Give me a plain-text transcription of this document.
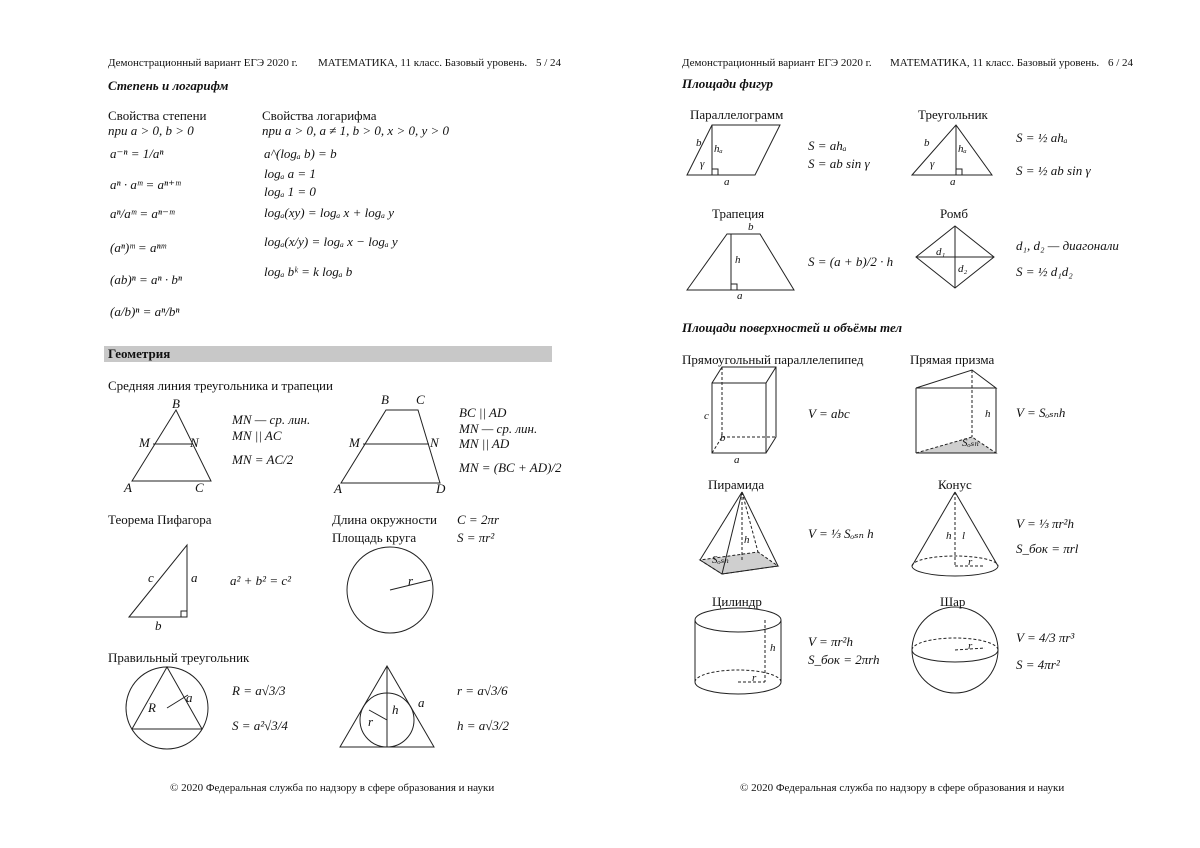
Демонстрационный вариант ЕГЭ 2020 г. МАТЕМАТИКА, 11 класс. Базовый уровень. 5 / 24
Степень и логарифм
Свойства степени
при a > 0, b > 0
a⁻ⁿ = 1/aⁿ
aⁿ · aᵐ = aⁿ⁺ᵐ
aⁿ/aᵐ = aⁿ⁻ᵐ
(aⁿ)ᵐ = aⁿᵐ
(ab)ⁿ = aⁿ · bⁿ
(a/b)ⁿ = aⁿ/bⁿ
Свойства логарифма
при a > 0, a ≠ 1, b > 0, x > 0, y > 0
a^(logₐ b) = b
logₐ a = 1
logₐ 1 = 0
logₐ(xy) = logₐ x + logₐ y
logₐ(x/y) = logₐ x − logₐ y
logₐ bᵏ = k logₐ b
Геометрия
Средняя линия треугольника и трапеции
B
M	N
A	C
MN — ср. лин.
MN || AC
MN = AC/2
B C
M	N
A	D
BC || AD
MN — ср. лин.
MN || AD
MN = (BC + AD)/2
Теорема Пифагора
a
b
c	a² + b² = c²
Длина окружности C = 2πr
Площадь круга	S = πr²
r
Правильный треугольник
R
a	R = a√3/3
S = a²√3/4	r
h a
r = a√3/6
h = a√3/2
© 2020 Федеральная служба по надзору в сфере образования и науки
Демонстрационный вариант ЕГЭ 2020 г. МАТЕМАТИКА, 11 класс. Базовый уровень. 6 / 24
Площади фигур
Параллелограмм
b hₐ
γ
a
S = ahₐ
S = ab sin γ
Треугольник
b	hₐ
γ
a
S = ½ ahₐ
S = ½ ab sin γ
Трапеция
b
h
a
S = (a + b)/2 · h
Ромб
d₁
d₂
d₁, d₂ — диагонали
S = ½ d₁d₂
Площади поверхностей и объёмы тел
Прямоугольный параллелепипед
c
b
a
V = abc
Прямая призма
h
Sₒₛₙ
V = Sₒₛₙh
Пирамида
h
Sₒₛₙ
V = ⅓ Sₒₛₙ h
Конус
h l
r
V = ⅓ πr²h
S_бок = πrl
Цилиндр
h
r
V = πr²h
S_бок = 2πrh
Шар
r
V = 4/3 πr³
S = 4πr²
© 2020 Федеральная служба по надзору в сфере образования и науки
